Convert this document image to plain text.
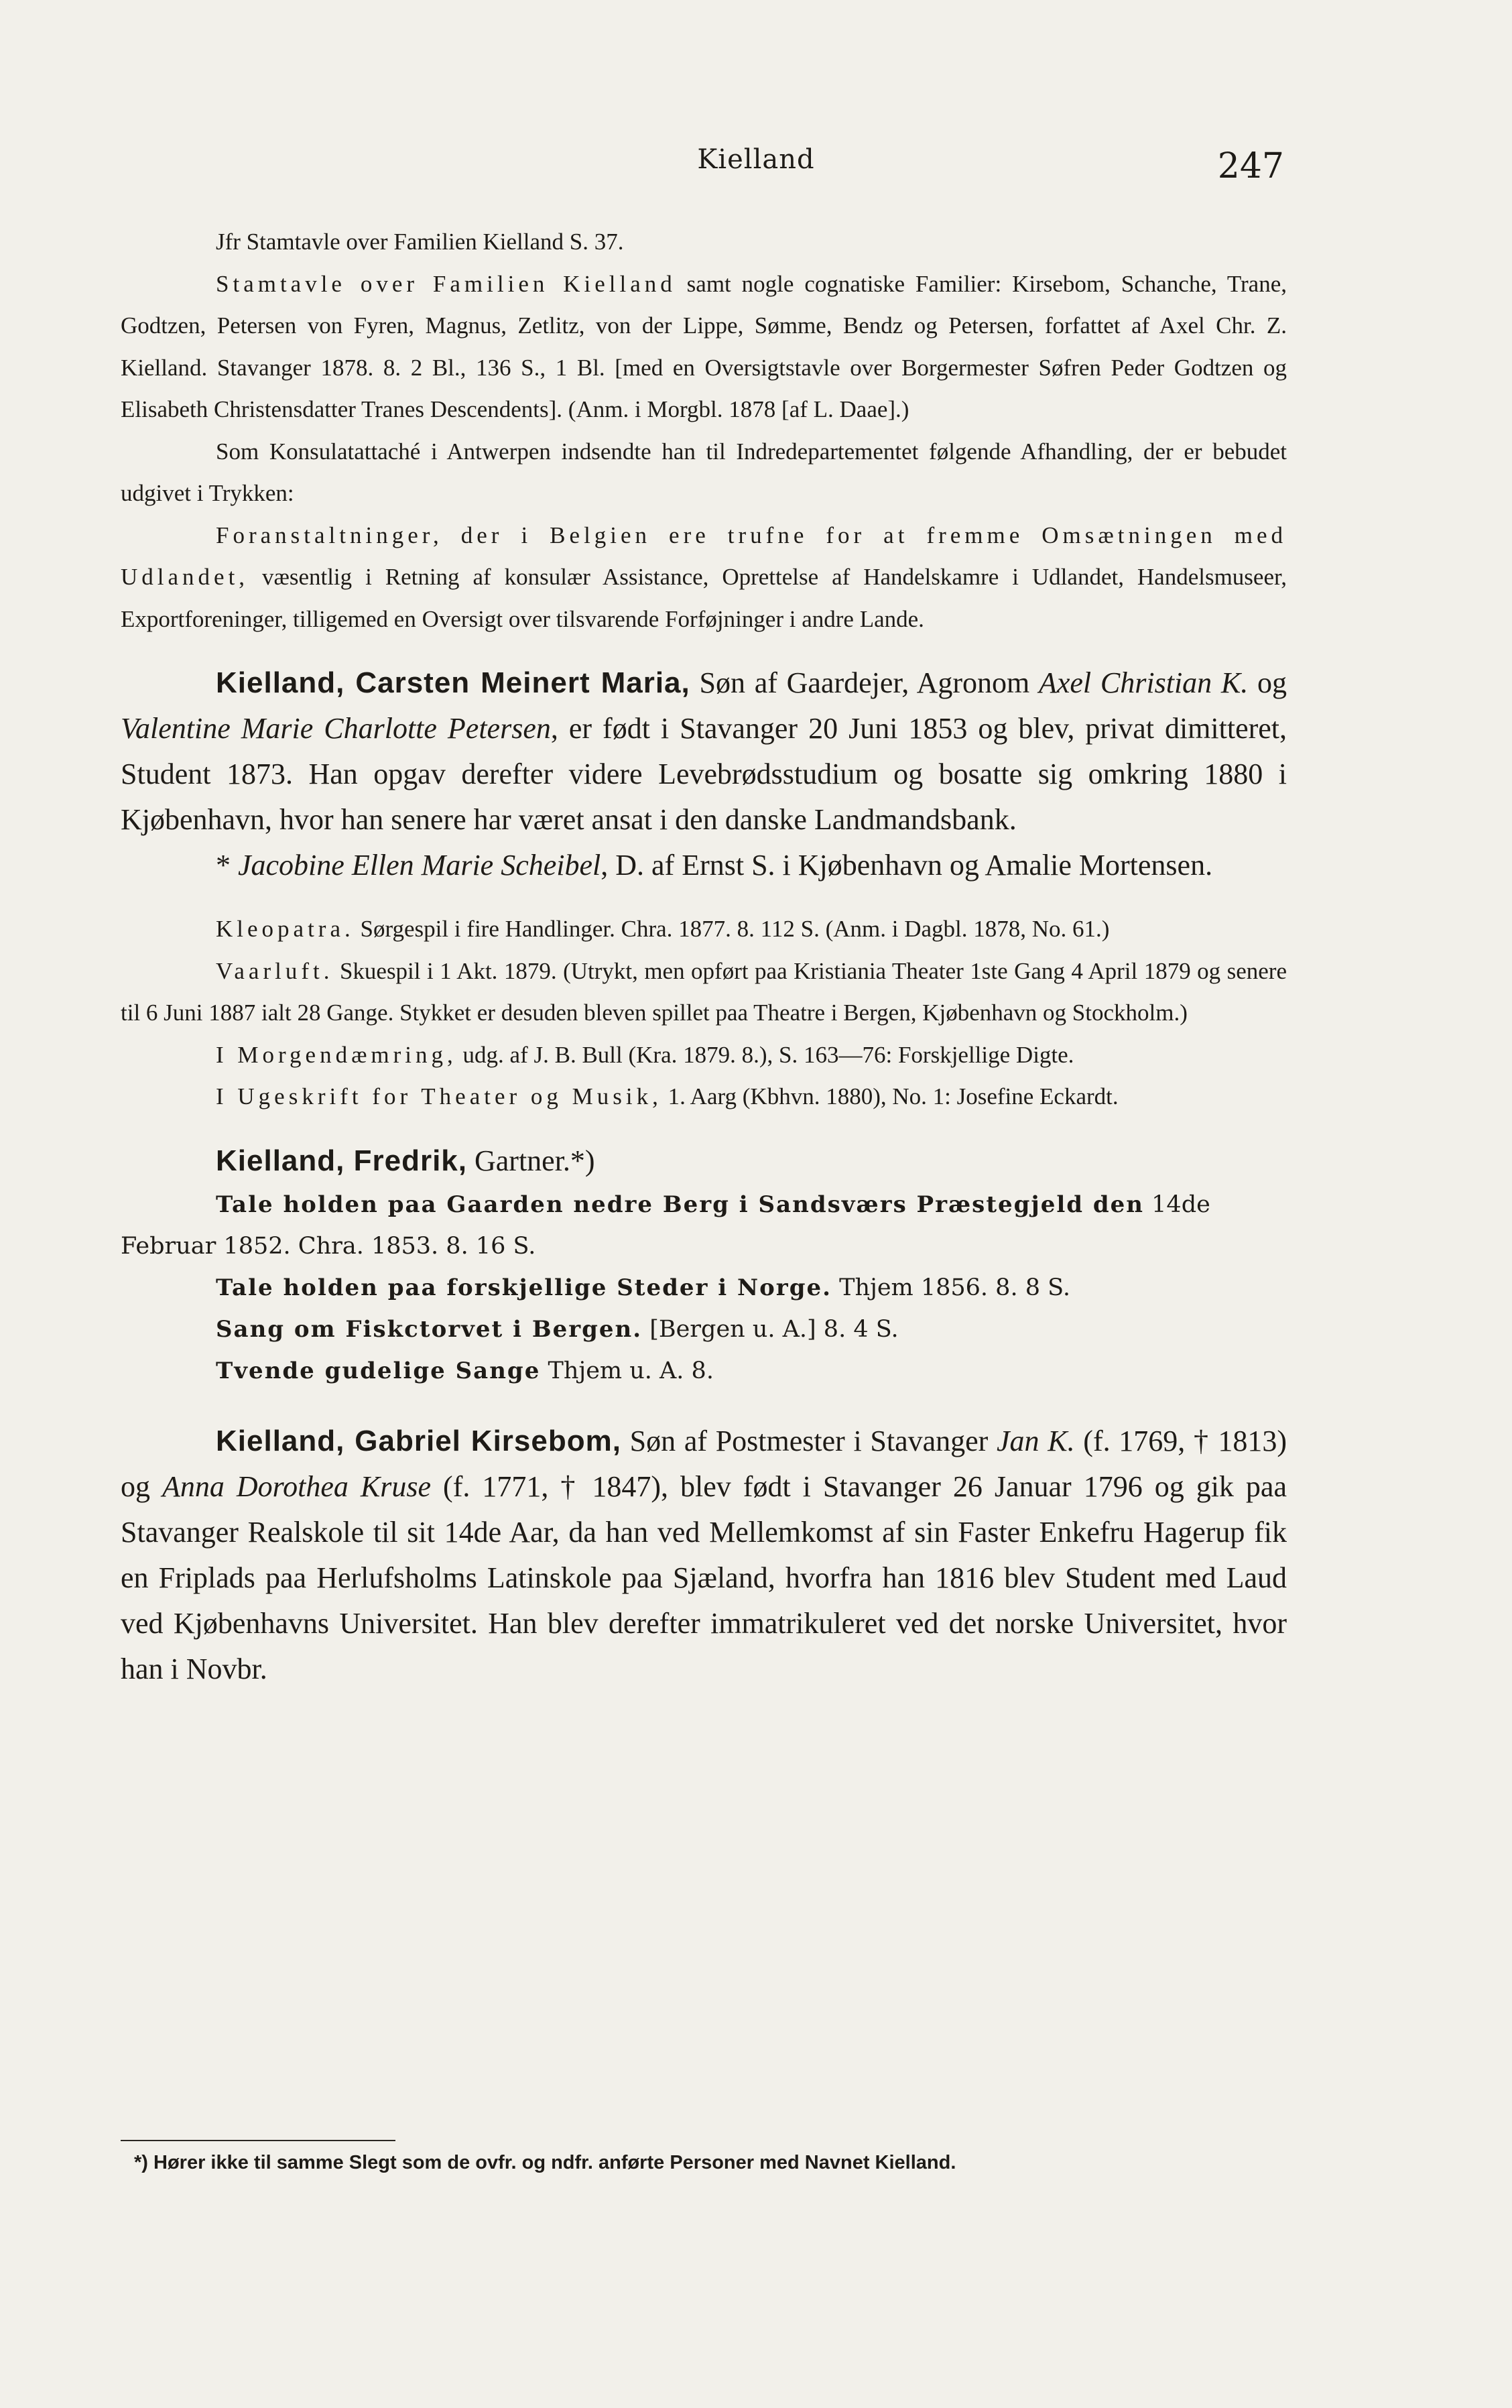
Kielland	247

Jfr Stamtavle over Familien Kielland S. 37.

Stamtavle over Familien Kielland samt nogle cognatiske Familier: Kirsebom, Schanche, Trane, Godtzen, Petersen von Fyren, Magnus, Zetlitz, von der Lippe, Sømme, Bendz og Petersen, forfattet af Axel Chr. Z. Kielland. Stavanger 1878. 8. 2 Bl., 136 S., 1 Bl. [med en Oversigtstavle over Borgermester Søfren Peder Godtzen og Elisabeth Christensdatter Tranes Descendents]. (Anm. i Morgbl. 1878 [af L. Daae].)

Som Konsulatattaché i Antwerpen indsendte han til Indredepartementet følgende Afhandling, der er bebudet udgivet i Trykken:

Foranstaltninger, der i Belgien ere trufne for at fremme Omsætningen med Udlandet, væsentlig i Retning af konsulær Assistance, Oprettelse af Handelskamre i Udlandet, Handelsmuseer, Exportforeninger, tilligemed en Oversigt over tilsvarende Forføjninger i andre Lande.

Kielland, Carsten Meinert Maria, Søn af Gaardejer, Agronom Axel Christian K. og Valentine Marie Charlotte Petersen, er født i Stavanger 20 Juni 1853 og blev, privat dimitteret, Student 1873. Han opgav derefter videre Levebrødsstudium og bosatte sig omkring 1880 i Kjøbenhavn, hvor han senere har været ansat i den danske Landmandsbank.

* Jacobine Ellen Marie Scheibel, D. af Ernst S. i Kjøbenhavn og Amalie Mortensen.

Kleopatra. Sørgespil i fire Handlinger. Chra. 1877. 8. 112 S. (Anm. i Dagbl. 1878, No. 61.)

Vaarluft. Skuespil i 1 Akt. 1879. (Utrykt, men opført paa Kristiania Theater 1ste Gang 4 April 1879 og senere til 6 Juni 1887 ialt 28 Gange. Stykket er desuden bleven spillet paa Theatre i Bergen, Kjøbenhavn og Stockholm.)

I Morgendæmring, udg. af J. B. Bull (Kra. 1879. 8.), S. 163—76: Forskjellige Digte.

I Ugeskrift for Theater og Musik, 1. Aarg (Kbhvn. 1880), No. 1: Josefine Eckardt.

Kielland, Fredrik, Gartner.*)

Tale holden paa Gaarden nedre Berg i Sandsværs Præstegjeld den 14de Februar 1852. Chra. 1853. 8. 16 S.

Tale holden paa forskjellige Steder i Norge. Thjem 1856. 8. 8 S.

Sang om Fiskctorvet i Bergen. [Bergen u. A.] 8. 4 S.

Tvende gudelige Sange Thjem u. A. 8.

Kielland, Gabriel Kirsebom, Søn af Postmester i Stavanger Jan K. (f. 1769, † 1813) og Anna Dorothea Kruse (f. 1771, † 1847), blev født i Stavanger 26 Januar 1796 og gik paa Stavanger Realskole til sit 14de Aar, da han ved Mellemkomst af sin Faster Enkefru Hagerup fik en Friplads paa Herlufsholms Latinskole paa Sjæland, hvorfra han 1816 blev Student med Laud ved Kjøbenhavns Universitet. Han blev derefter immatrikuleret ved det norske Universitet, hvor han i Novbr.

*) Hører ikke til samme Slegt som de ovfr. og ndfr. anførte Personer med Navnet Kielland.
